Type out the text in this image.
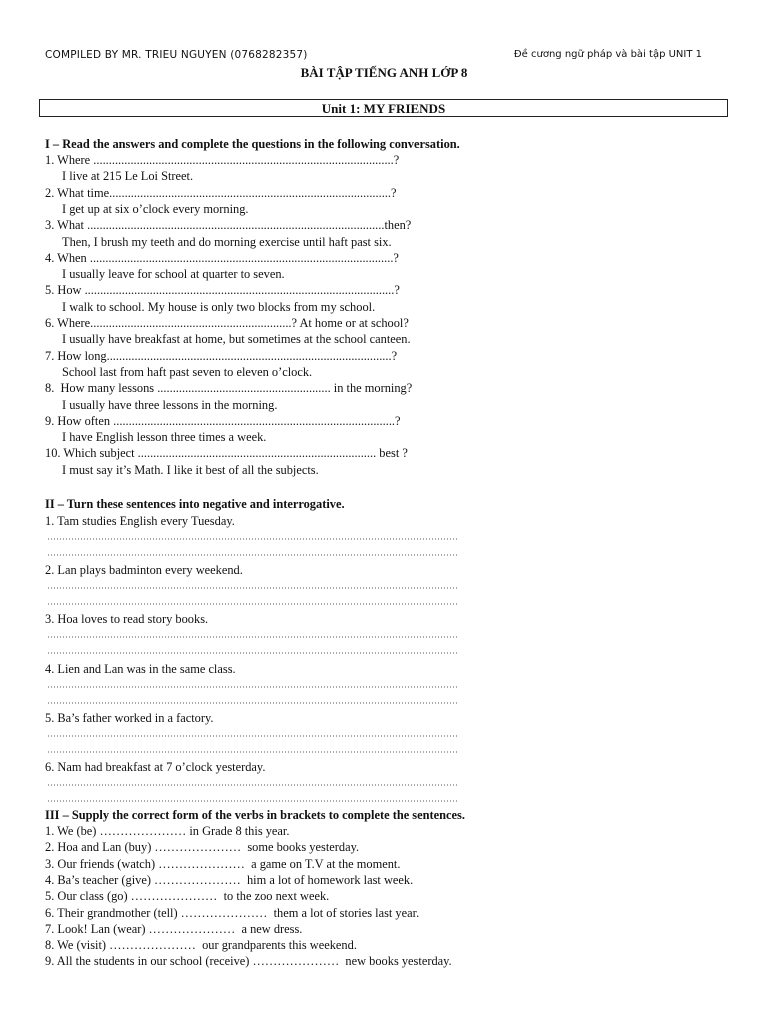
COMPILED BY MR. TRIEU NGUYEN (0768282357)	Đề cương ngữ pháp và bài tập UNIT 1
BÀI TẬP TIẾNG ANH LỚP 8
Unit 1: MY FRIENDS
I – Read the answers and complete the questions in the following conversation.
1. Where .................................................................................................?
I live at 215 Le Loi Street.
2. What time...........................................................................................?
I get up at six o’clock every morning.
3. What ................................................................................................then?
Then, I brush my teeth and do morning exercise until haft past six.
4. When ..................................................................................................?
I usually leave for school at quarter to seven.
5. How ....................................................................................................?
I walk to school. My house is only two blocks from my school.
6. Where.................................................................? At home or at school?
I usually have breakfast at home, but sometimes at the school canteen.
7. How long............................................................................................?
School last from haft past seven to eleven o’clock.
8.  How many lessons ........................................................ in the morning?
I usually have three lessons in the morning.
9. How often ...........................................................................................?
I have English lesson three times a week.
10. Which subject ............................................................................. best ?
I must say it’s Math. I like it best of all the subjects.
II – Turn these sentences into negative and interrogative.
1. Tam studies English every Tuesday.
2. Lan plays badminton every weekend.
3. Hoa loves to read story books.
4. Lien and Lan was in the same class.
5. Ba’s father worked in a factory.
6. Nam had breakfast at 7 o’clock yesterday.
III – Supply the correct form of the verbs in brackets to complete the sentences.
1. We (be) ………………… in Grade 8 this year.
2. Hoa and Lan (buy) …………………  some books yesterday.
3. Our friends (watch) …………………  a game on T.V at the moment.
4. Ba’s teacher (give) …………………  him a lot of homework last week.
5. Our class (go) …………………  to the zoo next week.
6. Their grandmother (tell) …………………  them a lot of stories last year.
7. Look! Lan (wear) …………………  a new dress.
8. We (visit) …………………  our grandparents this weekend.
9. All the students in our school (receive) …………………  new books yesterday.
